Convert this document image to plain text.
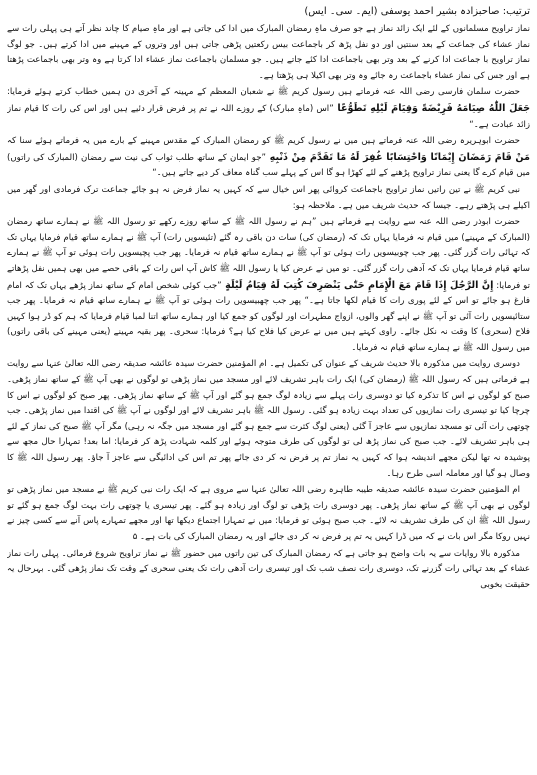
ترتیب: صاحبزادہ بشیر احمد یوسفی (ایم۔ سی۔ ایس)

نماز تراویح مسلمانوں کے لئے ایک زائد نماز ہے جو صرف ماہِ رمضان المبارک میں ادا کی جاتی ہے اور ماہِ صیام کا چاند نظر آتے ہی پہلی رات سے نماز عشاء کی جماعت کے بعد سنتیں اور دو نفل پڑھ کر باجماعت بیس رکعتیں پڑھی جاتی ہیں اور وتروں کے مہینے میں ادا کرتے ہیں۔ جو لوگ نماز تراویح با جماعت ادا کرنے کے بعد وتر بھی باجماعت ادا کئے جاتے ہیں۔ جو مسلمان باجماعت نماز عشاء ادا کرتا ہے وہ وتر بھی باجماعت پڑھتا ہے اور جس کی نماز عشاء باجماعت رہ جائے وہ وتر بھی اکیلا ہی پڑھتا ہے۔

حضرت سلمان فارسی رضی اللہ عنہ فرماتے ہیں رسول کریم ﷺ نے شعبان المعظم کے مہینہ کے آخری دن ہمیں خطاب کرتے ہوئے فرمایا: جَعَلَ اللّٰهُ صِيَامَهُ فَرِيْضَةً وَقِيَامَ لَيْلِهِ تَطَوُّعًا ”اس (ماہِ مبارک) کے روزے اللہ نے تم پر فرض قرار دئیے ہیں اور اس کی رات کا قیام نماز زائد عبادت ہے۔“

حضرت ابوہریرہ رضی اللہ عنہ فرماتے ہیں میں نے رسول کریم ﷺ کو رمضان المبارک کے مقدس مہینے کے بارے میں یہ فرماتے ہوئے سنا کہ مَنْ قَامَ رَمَضَانَ إِيْمَانًا وَاحْتِسَابًا غُفِرَ لَهُ مَا تَقَدَّمَ مِنْ ذَنْبِهِ ”جو ایمان کے ساتھ طلب ثواب کی نیت سے رمضان (المبارک کی راتوں) میں قیام کرے گا یعنی نماز تراویح پڑھنے کے لئے کھڑا ہو گا اس کے پہلے سب گناہ معاف کر دیے جاتے ہیں۔“

نبی کریم ﷺ نے تین راتیں نماز تراویح باجماعت کروائی پھر اس خیال سے کہ کہیں یہ نماز فرض نہ ہو جائے جماعت ترک فرمادی اور گھر میں اکیلے ہی پڑھتے رہے۔ جیسا کہ حدیث شریف میں ہے۔ ملاحظہ ہو:

حضرت ابوذر رضی اللہ عنہ سے روایت ہے فرماتے ہیں ”ہم نے رسول اللہ ﷺ کے ساتھ روزے رکھے تو رسول اللہ ﷺ نے ہمارے ساتھ رمضان (المبارک کے مہینے) میں قیام نہ فرمایا یہاں تک کہ (رمضان کی) سات دن باقی رہ گئے (تئیسویں رات) آپ ﷺ نے ہمارے ساتھ قیام فرمایا یہاں تک کہ تہائی رات گزر گئی۔ پھر جب چوبیسویں رات ہوئی تو آپ ﷺ نے ہمارے ساتھ قیام نہ فرمایا۔ پھر جب پچیسویں رات ہوئی تو آپ ﷺ نے ہمارے ساتھ قیام فرمایا یہاں تک کہ آدھی رات گزر گئی۔ تو میں نے عرض کیا یا رسول اللہ ﷺ کاش آپ اس رات کے باقی حصے میں بھی ہمیں نفل پڑھاتے تو فرمایا: إِنَّ الرَّجُلَ إِذَا قَامَ مَعَ الْإِمَامِ حَتّٰى يَنْصَرِفَ كُتِبَ لَهُ قِيَامُ لَيْلَةٍ ”جب کوئی شخص امام کے ساتھ نماز پڑھے یہاں تک کہ امام فارغ ہو جائے تو اس کے لئے پوری رات کا قیام لکھا جاتا ہے۔“ پھر جب چھبیسویں رات ہوئی تو آپ ﷺ نے ہمارے ساتھ قیام نہ فرمایا۔ پھر جب ستائیسویں رات آئی تو آپ ﷺ نے اپنے گھر والوں، ازواج مطہرات اور لوگوں کو جمع کیا اور ہمارے ساتھ اتنا لمبا قیام فرمایا کہ ہم کو ڈر ہوا کہیں فلاح (سحری) کا وقت نہ نکل جائے۔ راوی کہتے ہیں میں نے عرض کیا فلاح کیا ہے؟ فرمایا: سحری۔ پھر بقیہ مہینے (یعنی مہینے کی باقی راتوں) میں رسول اللہ ﷺ نے ہمارے ساتھ قیام نہ فرمایا۔

دوسری روایت میں مذکورہ بالا حدیث شریف کے عنوان کی تکمیل ہے۔ ام المؤمنین حضرت سیدہ عائشہ صدیقہ رضی اللہ تعالیٰ عنہا سے روایت ہے فرماتی ہیں کہ رسول اللہ ﷺ (رمضان کی) ایک رات باہر تشریف لائے اور مسجد میں نماز پڑھی تو لوگوں نے بھی آپ ﷺ کے ساتھ نماز پڑھی۔ صبح کو لوگوں نے اس کا تذکرہ کیا تو دوسری رات پہلے سے زیادہ لوگ جمع ہو گئے اور آپ ﷺ کے ساتھ نماز پڑھی۔ پھر صبح کو لوگوں نے اس کا چرچا کیا تو تیسری رات نمازیوں کی تعداد بہت زیادہ ہو گئی۔ رسول اللہ ﷺ باہر تشریف لائے اور لوگوں نے آپ ﷺ کی اقتدا میں نماز پڑھی۔ جب چوتھی رات آئی تو مسجد نمازیوں سے عاجز آ گئی (یعنی لوگ کثرت سے جمع ہو گئے اور مسجد میں جگہ نہ رہی) مگر آپ ﷺ صبح کی نماز کے لئے ہی باہر تشریف لائے۔ جب صبح کی نماز پڑھ لی تو لوگوں کی طرف متوجہ ہوئے اور کلمہ شہادت پڑھ کر فرمایا: اما بعد! تمہارا حال مجھ سے پوشیدہ نہ تھا لیکن مجھے اندیشہ ہوا کہ کہیں یہ نماز تم پر فرض نہ کر دی جائے پھر تم اس کی ادائیگی سے عاجز آ جاؤ۔ پھر رسول اللہ ﷺ کا وصال ہو گیا اور معاملہ اسی طرح رہا۔

ام المؤمنین حضرت سیدہ عائشہ صدیقہ طیبہ طاہرہ رضی اللہ تعالیٰ عنہا سے مروی ہے کہ ایک رات نبی کریم ﷺ نے مسجد میں نماز پڑھی تو لوگوں نے بھی آپ ﷺ کے ساتھ نماز پڑھی۔ پھر دوسری رات پڑھی تو لوگ اور زیادہ ہو گئے۔ پھر تیسری یا چوتھی رات بہت لوگ جمع ہو گئے تو رسول اللہ ﷺ ان کی طرف تشریف نہ لائے۔ جب صبح ہوئی تو فرمایا: میں نے تمہارا اجتماع دیکھا تھا اور مجھے تمہارے پاس آنے سے کسی چیز نے نہیں روکا مگر اس بات نے کہ میں ڈرا کہیں یہ تم پر فرض نہ کر دی جائے اور یہ رمضان المبارک کی بات ہے۔ ۵

مذکورہ بالا روایات سے یہ بات واضح ہو جاتی ہے کہ رمضان المبارک کی تین راتوں میں حضور ﷺ نے نماز تراویح شروع فرمائی۔ پہلی رات نماز عشاء کے بعد تہائی رات گزرنے تک، دوسری رات نصف شب تک اور تیسری رات آدھی رات تک یعنی سحری کے وقت تک نماز پڑھی گئی۔ بہرحال یہ حقیقت بخوبی
